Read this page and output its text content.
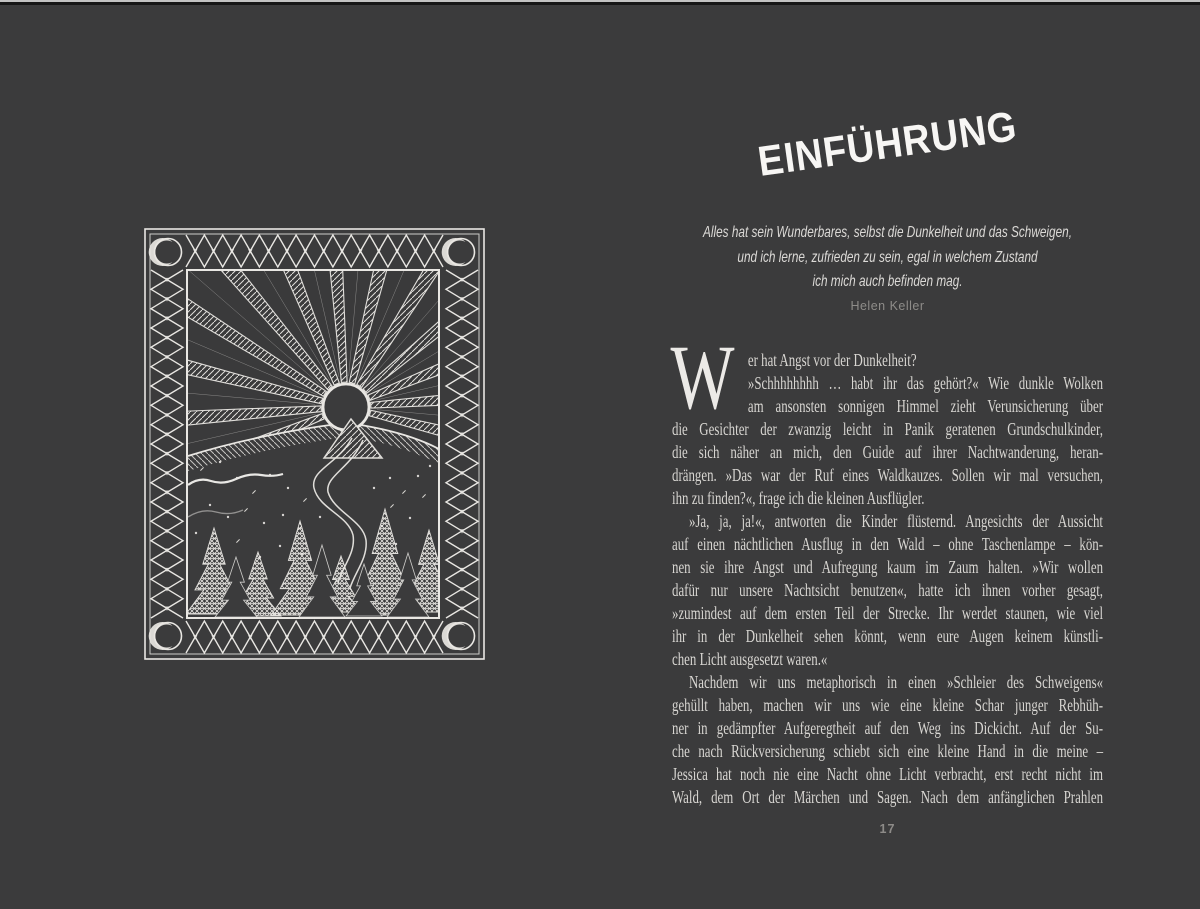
EINFÜHRUNG
Alles hat sein Wunderbares, selbst die Dunkelheit und das Schweigen,
und ich lerne, zufrieden zu sein, egal in welchem Zustand
ich mich auch befinden mag.
Helen Keller
W er hat Angst vor der Dunkelheit?
»Schhhhhhhh … habt ihr das gehört?« Wie dunkle Wolken
am ansonsten sonnigen Himmel zieht Verunsicherung über
die Gesichter der zwanzig leicht in Panik geratenen Grundschulkinder,
die sich näher an mich, den Guide auf ihrer Nachtwanderung, heran-
drängen. »Das war der Ruf eines Waldkauzes. Sollen wir mal versuchen,
ihn zu finden?«, frage ich die kleinen Ausflügler.
»Ja, ja, ja!«, antworten die Kinder flüsternd. Angesichts der Aussicht
auf einen nächtlichen Ausflug in den Wald – ohne Taschenlampe – kön-
nen sie ihre Angst und Aufregung kaum im Zaum halten. »Wir wollen
dafür nur unsere Nachtsicht benutzen«, hatte ich ihnen vorher gesagt,
»zumindest auf dem ersten Teil der Strecke. Ihr werdet staunen, wie viel
ihr in der Dunkelheit sehen könnt, wenn eure Augen keinem künstli-
chen Licht ausgesetzt waren.«
Nachdem wir uns metaphorisch in einen »Schleier des Schweigens«
gehüllt haben, machen wir uns wie eine kleine Schar junger Rebhüh-
ner in gedämpfter Aufgeregtheit auf den Weg ins Dickicht. Auf der Su-
che nach Rückversicherung schiebt sich eine kleine Hand in die meine –
Jessica hat noch nie eine Nacht ohne Licht verbracht, erst recht nicht im
Wald, dem Ort der Märchen und Sagen. Nach dem anfänglichen Prahlen
17
